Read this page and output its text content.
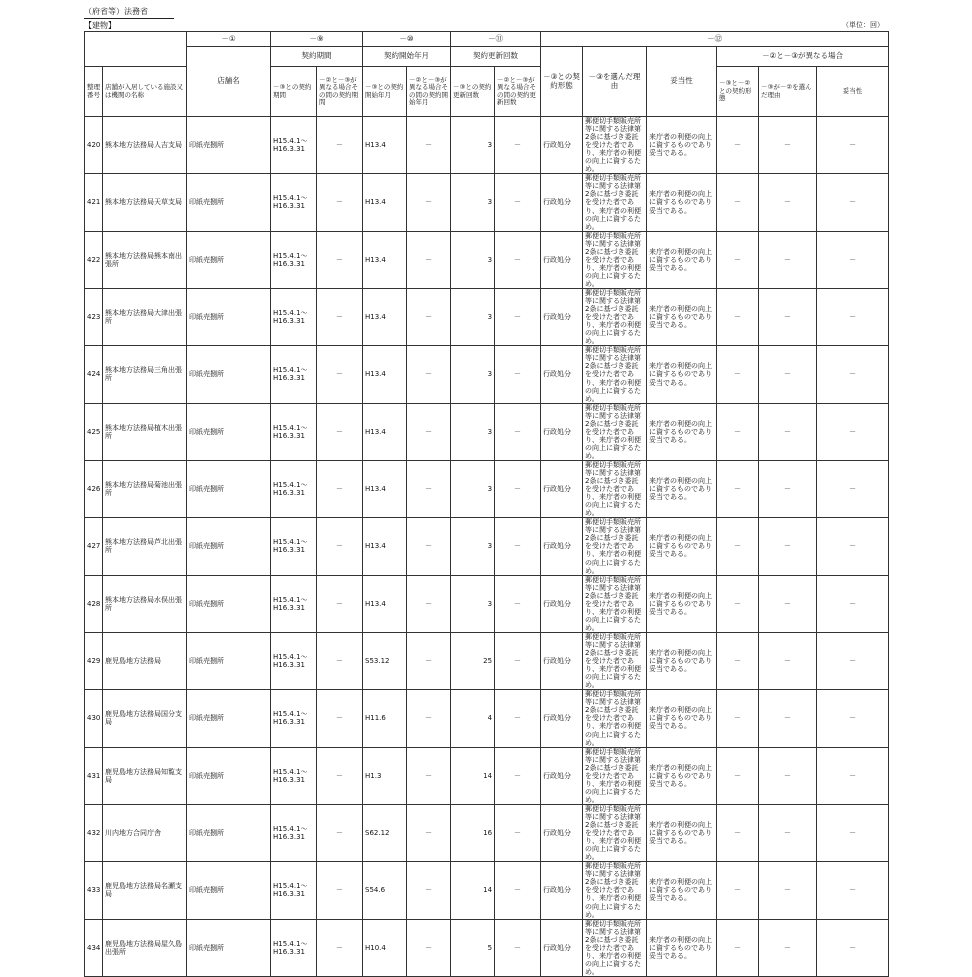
（府省等）法務省
【建物】	（単位：回）
		－①	－⑨		－⑩		－⑪		－⑫					
		店舗名	契約期間		契約開始年月		契約更新回数		－③との契約形態	－③を選んだ理由	妥当性	－②と－③が異なる場合		
整理番号	店舗が入居している施設又は機関の名称		－③との契約期間	－②と－③が異なる場合その間の契約期間	－③との契約開始年月	－②と－③が異なる場合その間の契約開始年月	－③との契約更新回数	－②と－③が異なる場合その間の契約更新回数				－③と－②との契約形態	－③が－②を選んだ理由	妥当性
420	熊本地方法務局人吉支局	印紙売捌所	H15.4.1～H16.3.31	－	H13.4	－	3	－	行政処分	郵便切手類販売所等に関する法律第2条に基づき委託を受けた者であり、来庁者の利便の向上に資するため。	来庁者の利便の向上に資するものであり妥当である。	－	－	－
421	熊本地方法務局天草支局	印紙売捌所	H15.4.1～H16.3.31	－	H13.4	－	3	－	行政処分	郵便切手類販売所等に関する法律第2条に基づき委託を受けた者であり、来庁者の利便の向上に資するため。	来庁者の利便の向上に資するものであり妥当である。	－	－	－
422	熊本地方法務局熊本南出張所	印紙売捌所	H15.4.1～H16.3.31	－	H13.4	－	3	－	行政処分	郵便切手類販売所等に関する法律第2条に基づき委託を受けた者であり、来庁者の利便の向上に資するため。	来庁者の利便の向上に資するものであり妥当である。	－	－	－
423	熊本地方法務局大津出張所	印紙売捌所	H15.4.1～H16.3.31	－	H13.4	－	3	－	行政処分	郵便切手類販売所等に関する法律第2条に基づき委託を受けた者であり、来庁者の利便の向上に資するため。	来庁者の利便の向上に資するものであり妥当である。	－	－	－
424	熊本地方法務局三角出張所	印紙売捌所	H15.4.1～H16.3.31	－	H13.4	－	3	－	行政処分	郵便切手類販売所等に関する法律第2条に基づき委託を受けた者であり、来庁者の利便の向上に資するため。	来庁者の利便の向上に資するものであり妥当である。	－	－	－
425	熊本地方法務局植木出張所	印紙売捌所	H15.4.1～H16.3.31	－	H13.4	－	3	－	行政処分	郵便切手類販売所等に関する法律第2条に基づき委託を受けた者であり、来庁者の利便の向上に資するため。	来庁者の利便の向上に資するものであり妥当である。	－	－	－
426	熊本地方法務局菊池出張所	印紙売捌所	H15.4.1～H16.3.31	－	H13.4	－	3	－	行政処分	郵便切手類販売所等に関する法律第2条に基づき委託を受けた者であり、来庁者の利便の向上に資するため。	来庁者の利便の向上に資するものであり妥当である。	－	－	－
427	熊本地方法務局芦北出張所	印紙売捌所	H15.4.1～H16.3.31	－	H13.4	－	3	－	行政処分	郵便切手類販売所等に関する法律第2条に基づき委託を受けた者であり、来庁者の利便の向上に資するため。	来庁者の利便の向上に資するものであり妥当である。	－	－	－
428	熊本地方法務局水俣出張所	印紙売捌所	H15.4.1～H16.3.31	－	H13.4	－	3	－	行政処分	郵便切手類販売所等に関する法律第2条に基づき委託を受けた者であり、来庁者の利便の向上に資するため。	来庁者の利便の向上に資するものであり妥当である。	－	－	－
429	鹿児島地方法務局	印紙売捌所	H15.4.1～H16.3.31	－	S53.12	－	25	－	行政処分	郵便切手類販売所等に関する法律第2条に基づき委託を受けた者であり、来庁者の利便の向上に資するため。	来庁者の利便の向上に資するものであり妥当である。	－	－	－
430	鹿児島地方法務局国分支局	印紙売捌所	H15.4.1～H16.3.31	－	H11.6	－	4	－	行政処分	郵便切手類販売所等に関する法律第2条に基づき委託を受けた者であり、来庁者の利便の向上に資するため。	来庁者の利便の向上に資するものであり妥当である。	－	－	－
431	鹿児島地方法務局知覧支局	印紙売捌所	H15.4.1～H16.3.31	－	H1.3	－	14	－	行政処分	郵便切手類販売所等に関する法律第2条に基づき委託を受けた者であり、来庁者の利便の向上に資するため。	来庁者の利便の向上に資するものであり妥当である。	－	－	－
432	川内地方合同庁舎	印紙売捌所	H15.4.1～H16.3.31	－	S62.12	－	16	－	行政処分	郵便切手類販売所等に関する法律第2条に基づき委託を受けた者であり、来庁者の利便の向上に資するため。	来庁者の利便の向上に資するものであり妥当である。	－	－	－
433	鹿児島地方法務局名瀬支局	印紙売捌所	H15.4.1～H16.3.31	－	S54.6	－	14	－	行政処分	郵便切手類販売所等に関する法律第2条に基づき委託を受けた者であり、来庁者の利便の向上に資するため。	来庁者の利便の向上に資するものであり妥当である。	－	－	－
434	鹿児島地方法務局屋久島出張所	印紙売捌所	H15.4.1～H16.3.31	－	H10.4	－	5	－	行政処分	郵便切手類販売所等に関する法律第2条に基づき委託を受けた者であり、来庁者の利便の向上に資するため。	来庁者の利便の向上に資するものであり妥当である。	－	－	－
